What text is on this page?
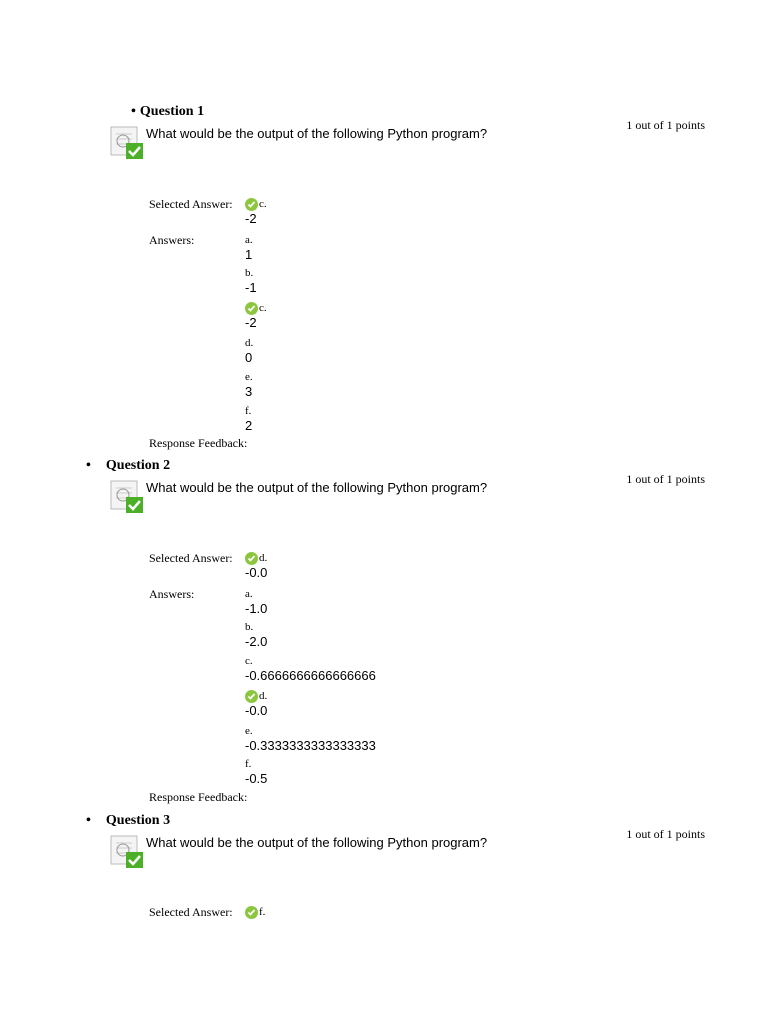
• Question 1
1 out of 1 points
What would be the output of the following Python program?
Selected Answer: c.
-2
Answers:	a.
1
b.
-1
c.
-2
d.
0
e.
3
f.
2
Response Feedback:
• Question 2
1 out of 1 points
What would be the output of the following Python program?
Selected Answer: d.
-0.0
Answers:	a.
-1.0
b.
-2.0
c.
-0.6666666666666666
d.
-0.0
e.
-0.3333333333333333
f.
-0.5
Response Feedback:
• Question 3
1 out of 1 points
What would be the output of the following Python program?
Selected Answer: f.
